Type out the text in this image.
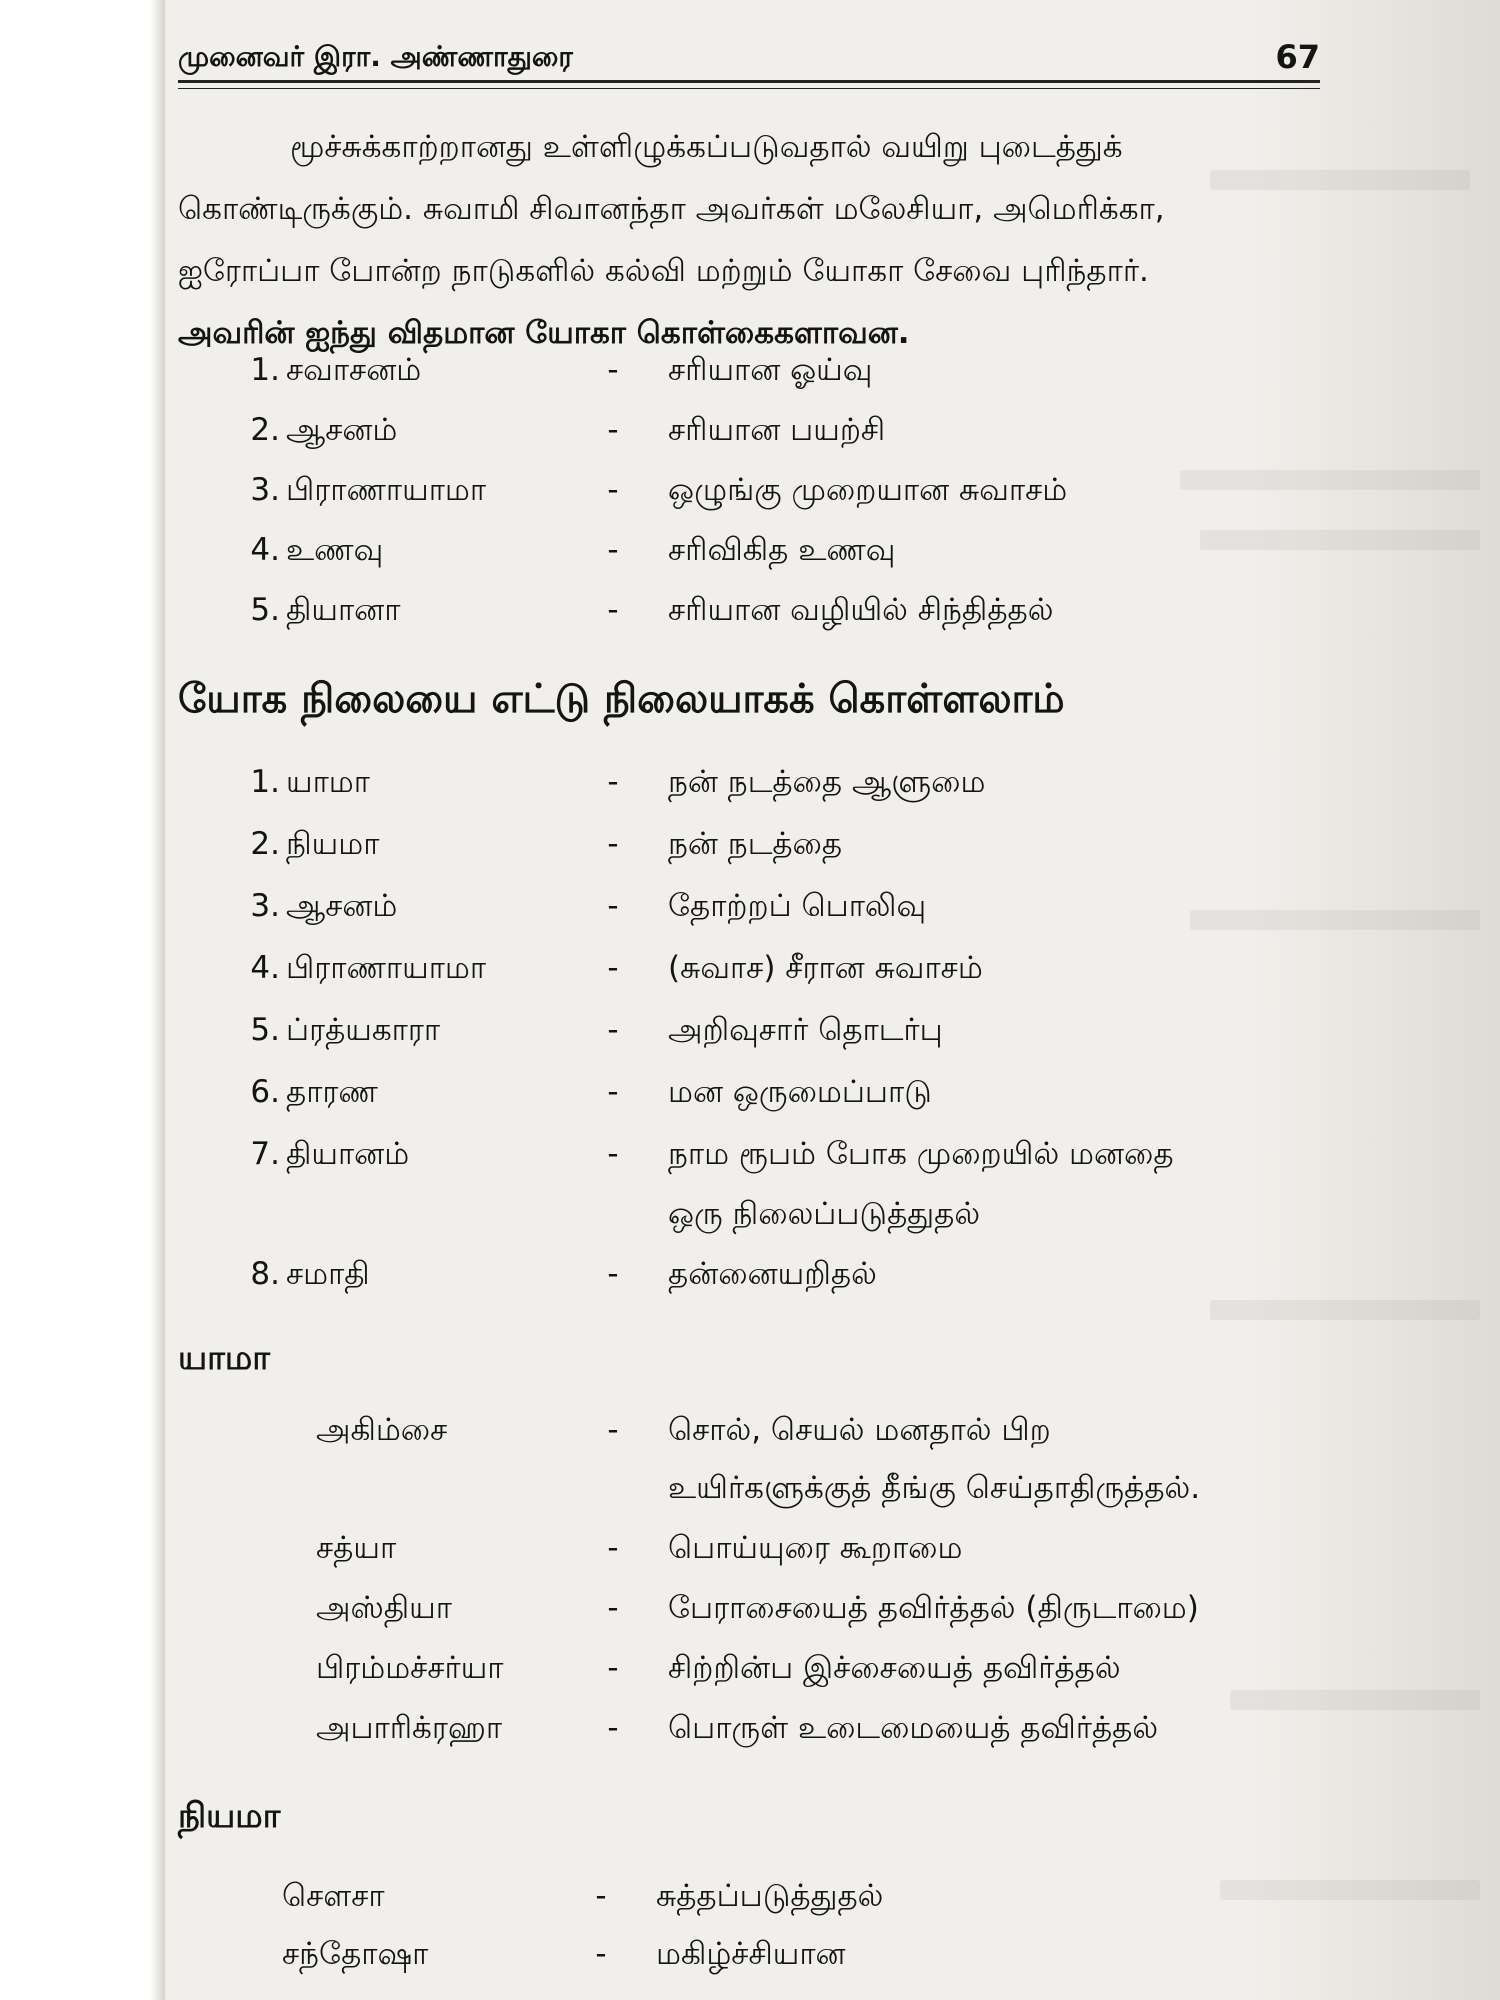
முனைவர் இரா. அண்ணாதுரை	67
மூச்சுக்காற்றானது உள்ளிழுக்கப்படுவதால் வயிறு புடைத்துக்
கொண்டிருக்கும். சுவாமி சிவானந்தா அவர்கள் மலேசியா, அமெரிக்கா,
ஐரோப்பா போன்ற நாடுகளில் கல்வி மற்றும் யோகா சேவை புரிந்தார்.
அவரின் ஐந்து விதமான யோகா கொள்கைகளாவன.
1. சவாசனம்	- சரியான ஓய்வு
2. ஆசனம்	- சரியான பயற்சி
3. பிராணாயாமா	- ஒழுங்கு முறையான சுவாசம்
4. உணவு	- சரிவிகித உணவு
5. தியானா	- சரியான வழியில் சிந்தித்தல்
யோக நிலையை எட்டு நிலையாகக் கொள்ளலாம்
1. யாமா	- நன் நடத்தை ஆளுமை
2. நியமா	- நன் நடத்தை
3. ஆசனம்	- தோற்றப் பொலிவு
4. பிராணாயாமா	- (சுவாச) சீரான சுவாசம்
5. ப்ரத்யகாரா	- அறிவுசார் தொடர்பு
6. தாரண	- மன ஒருமைப்பாடு
7. தியானம்	- நாம ரூபம் போக முறையில் மனதை
ஒரு நிலைப்படுத்துதல்
8. சமாதி	- தன்னையறிதல்
யாமா
அகிம்சை	- சொல், செயல் மனதால் பிற
உயிர்களுக்குத் தீங்கு செய்தாதிருத்தல்.
சத்யா	- பொய்யுரை கூறாமை
அஸ்தியா	- பேராசையைத் தவிர்த்தல் (திருடாமை)
பிரம்மச்சர்யா	- சிற்றின்ப இச்சையைத் தவிர்த்தல்
அபாரிக்ரஹா	- பொருள் உடைமையைத் தவிர்த்தல்
நியமா
சௌசா	- சுத்தப்படுத்துதல்
சந்தோஷா	- மகிழ்ச்சியான
